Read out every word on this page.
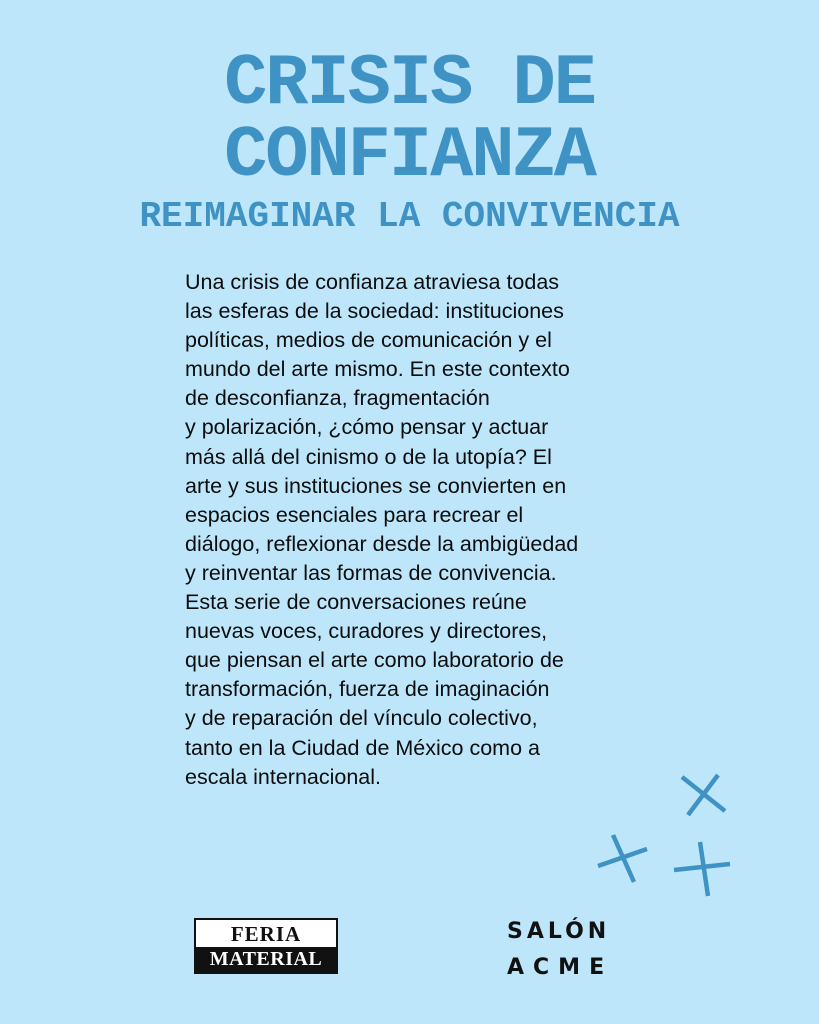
CRISIS DE
CONFIANZA
REIMAGINAR LA CONVIVENCIA

Una crisis de confianza atraviesa todas
las esferas de la sociedad: instituciones
políticas, medios de comunicación y el
mundo del arte mismo. En este contexto
de desconfianza, fragmentación
y polarización, ¿cómo pensar y actuar
más allá del cinismo o de la utopía? El
arte y sus instituciones se convierten en
espacios esenciales para recrear el
diálogo, reflexionar desde la ambigüedad
y reinventar las formas de convivencia.
Esta serie de conversaciones reúne
nuevas voces, curadores y directores,
que piensan el arte como laboratorio de
transformación, fuerza de imaginación
y de reparación del vínculo colectivo,
tanto en la Ciudad de México como a
escala internacional.

FERIA
MATERIAL
SALÓN
ACME
